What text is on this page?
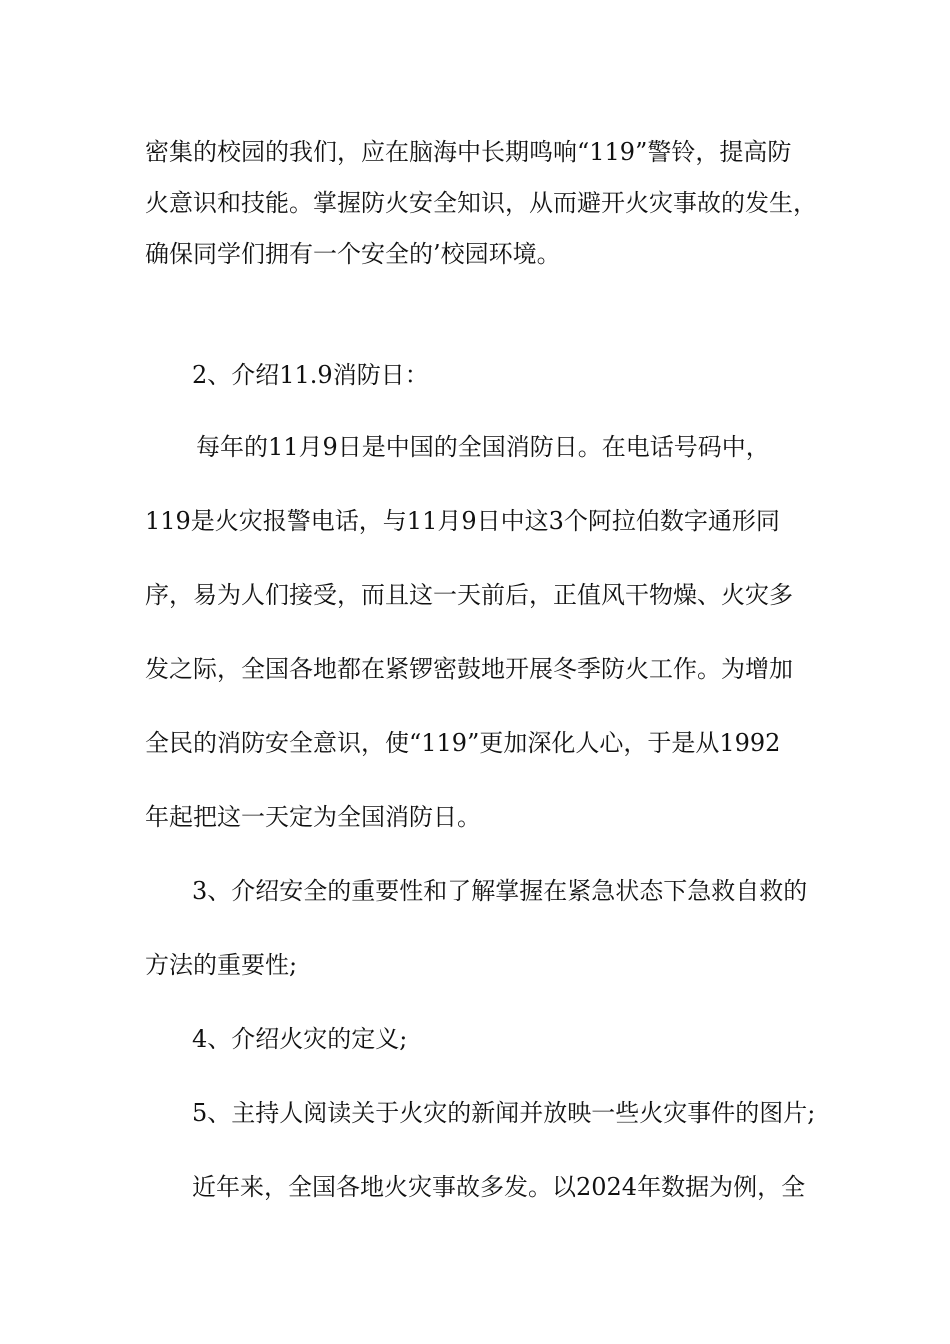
密集的校园的我们，应在脑海中长期鸣响“119”警铃，提高防
火意识和技能。掌握防火安全知识，从而避开火灾事故的发生，
确保同学们拥有一个安全的’校园环境。
2、介绍11.9消防日：
每年的11月9日是中国的全国消防日。在电话号码中，
119是火灾报警电话，与11月9日中这3个阿拉伯数字通形同
序，易为人们接受，而且这一天前后，正值风干物燥、火灾多
发之际，全国各地都在紧锣密鼓地开展冬季防火工作。为增加
全民的消防安全意识，使“119”更加深化人心，于是从1992
年起把这一天定为全国消防日。
3、介绍安全的重要性和了解掌握在紧急状态下急救自救的
方法的重要性;
4、介绍火灾的定义;
5、主持人阅读关于火灾的新闻并放映一些火灾事件的图片;
近年来，全国各地火灾事故多发。以2024年数据为例，全
